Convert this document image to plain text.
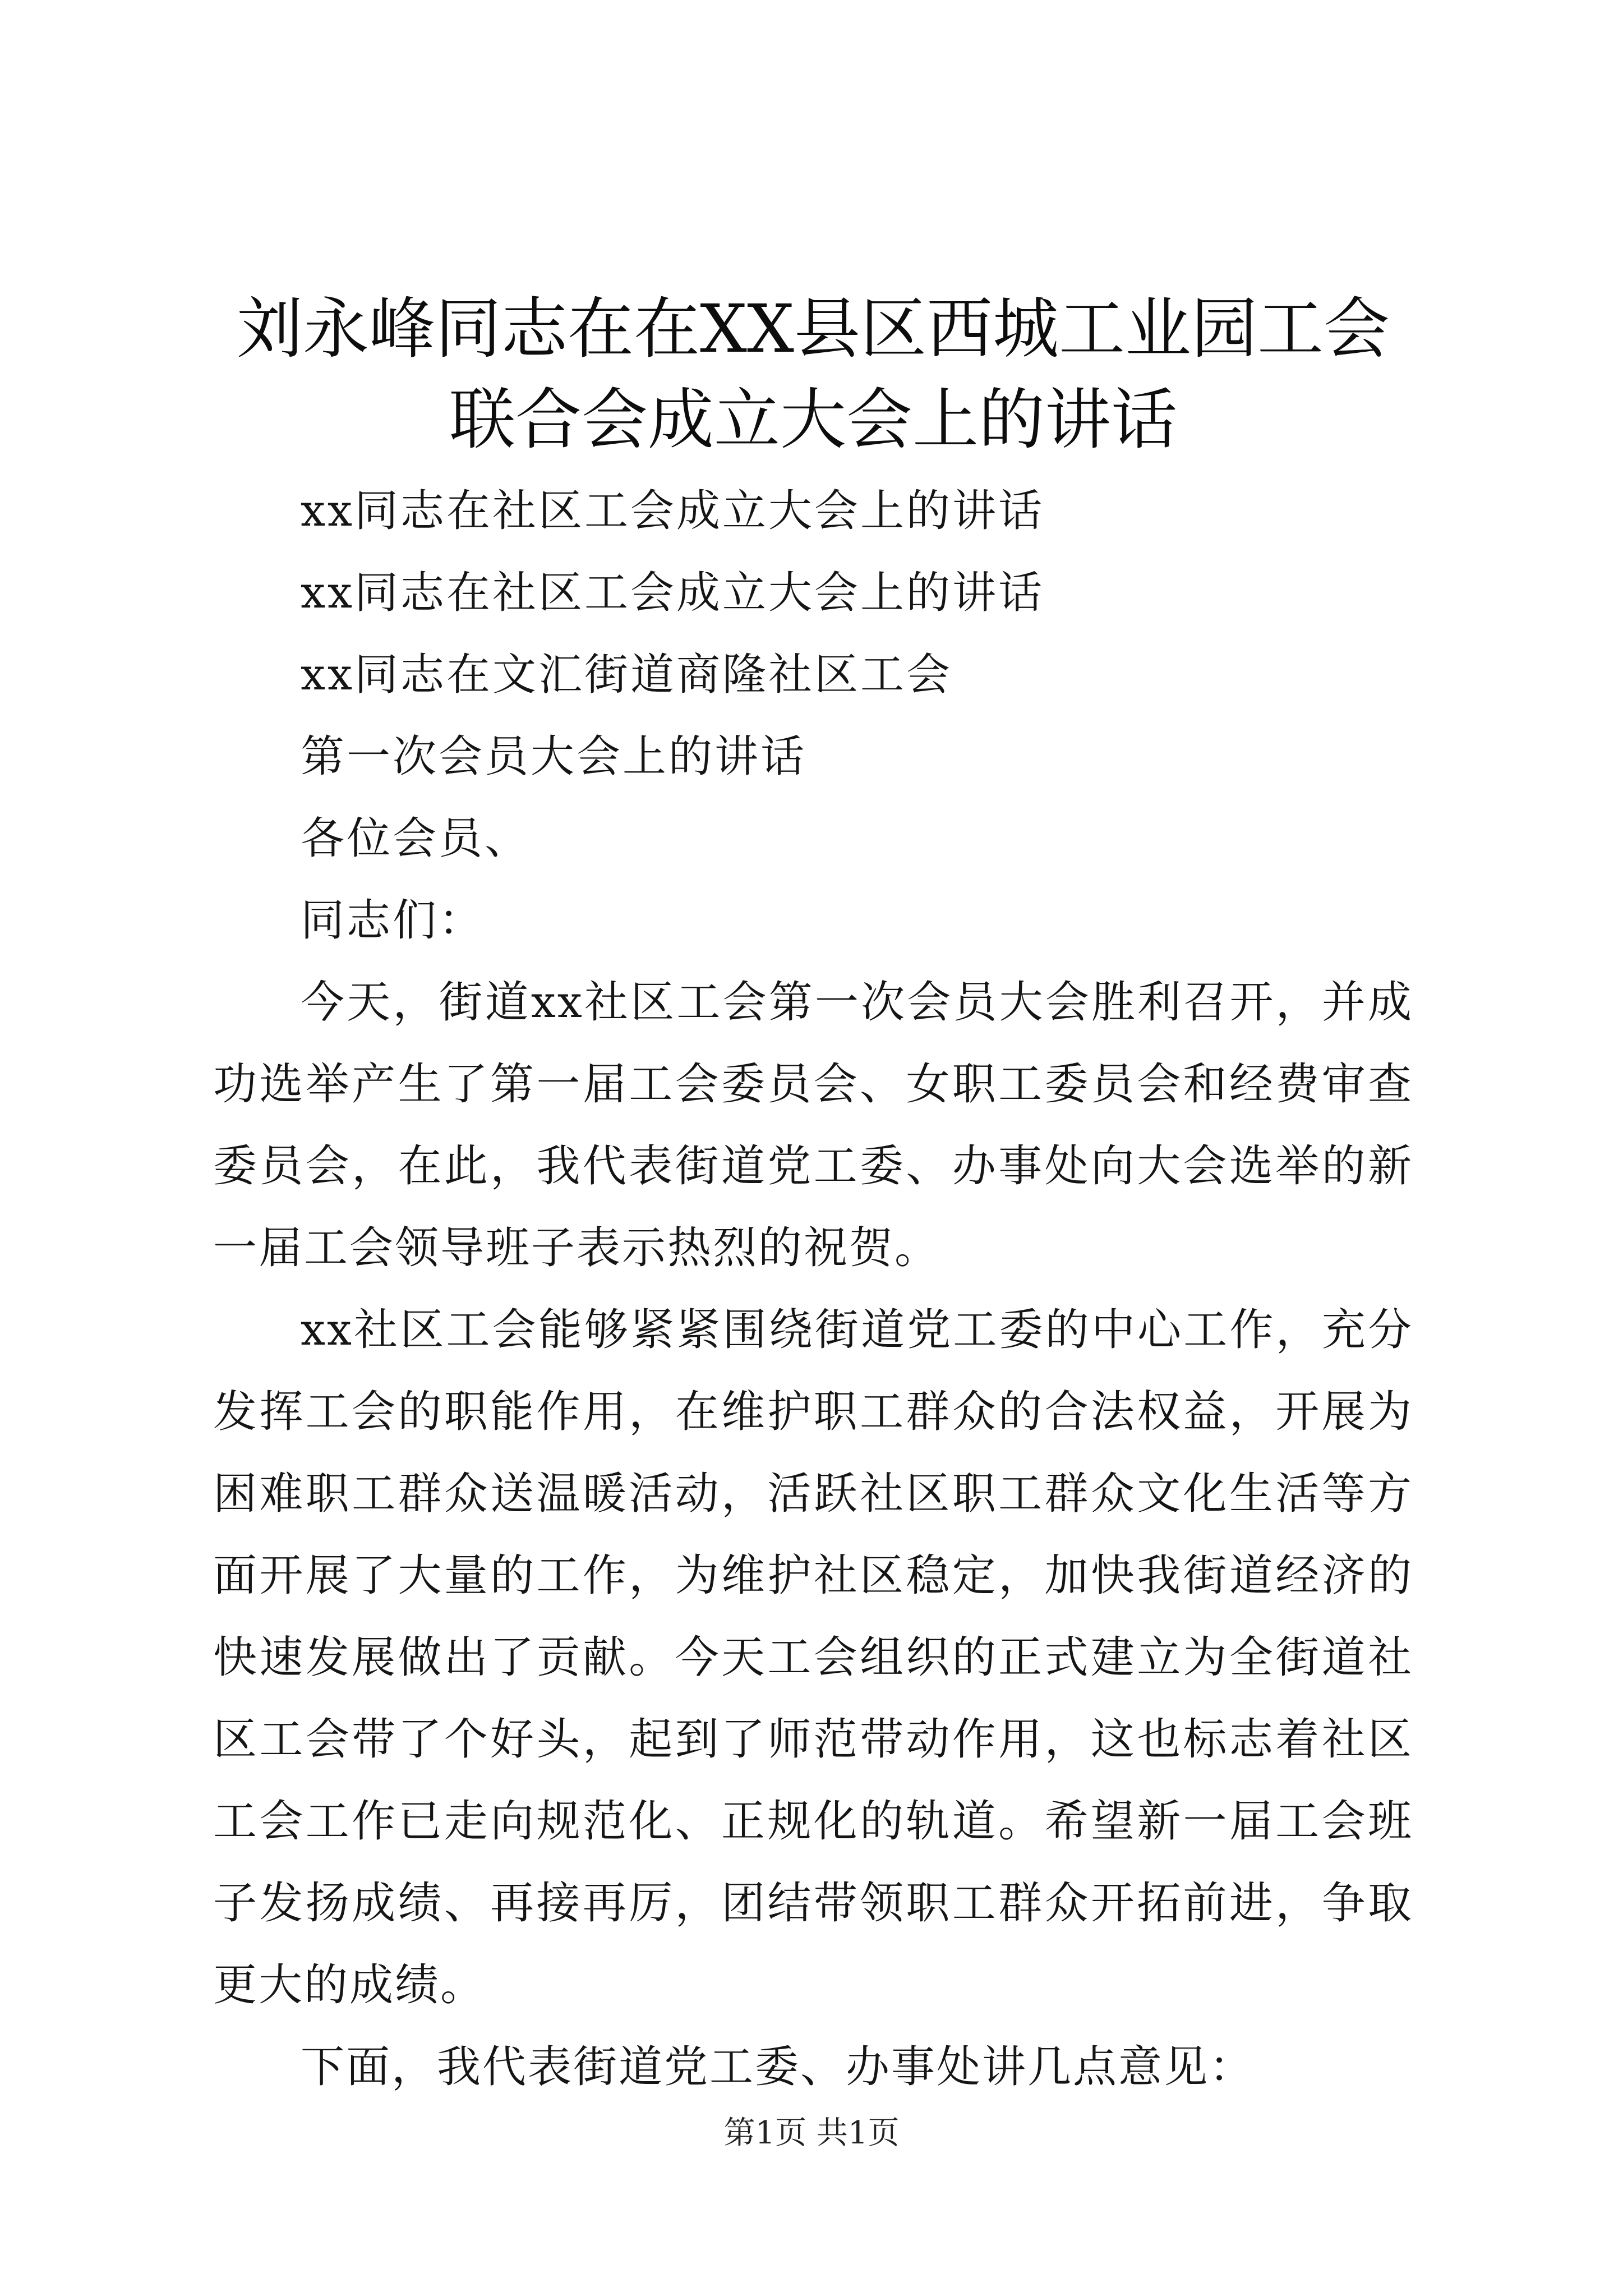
刘永峰同志在在XX县区西城工业园工会联合会成立大会上的讲话

xx同志在社区工会成立大会上的讲话

xx同志在社区工会成立大会上的讲话

xx同志在文汇街道商隆社区工会

第一次会员大会上的讲话

各位会员、

同志们：

今天，街道xx社区工会第一次会员大会胜利召开，并成功选举产生了第一届工会委员会、女职工委员会和经费审查委员会，在此，我代表街道党工委、办事处向大会选举的新一届工会领导班子表示热烈的祝贺。

xx社区工会能够紧紧围绕街道党工委的中心工作，充分发挥工会的职能作用，在维护职工群众的合法权益，开展为困难职工群众送温暖活动，活跃社区职工群众文化生活等方面开展了大量的工作，为维护社区稳定，加快我街道经济的快速发展做出了贡献。今天工会组织的正式建立为全街道社区工会带了个好头，起到了师范带动作用，这也标志着社区工会工作已走向规范化、正规化的轨道。希望新一届工会班子发扬成绩、再接再厉，团结带领职工群众开拓前进，争取更大的成绩。

下面，我代表街道党工委、办事处讲几点意见：

第1页 共1页
